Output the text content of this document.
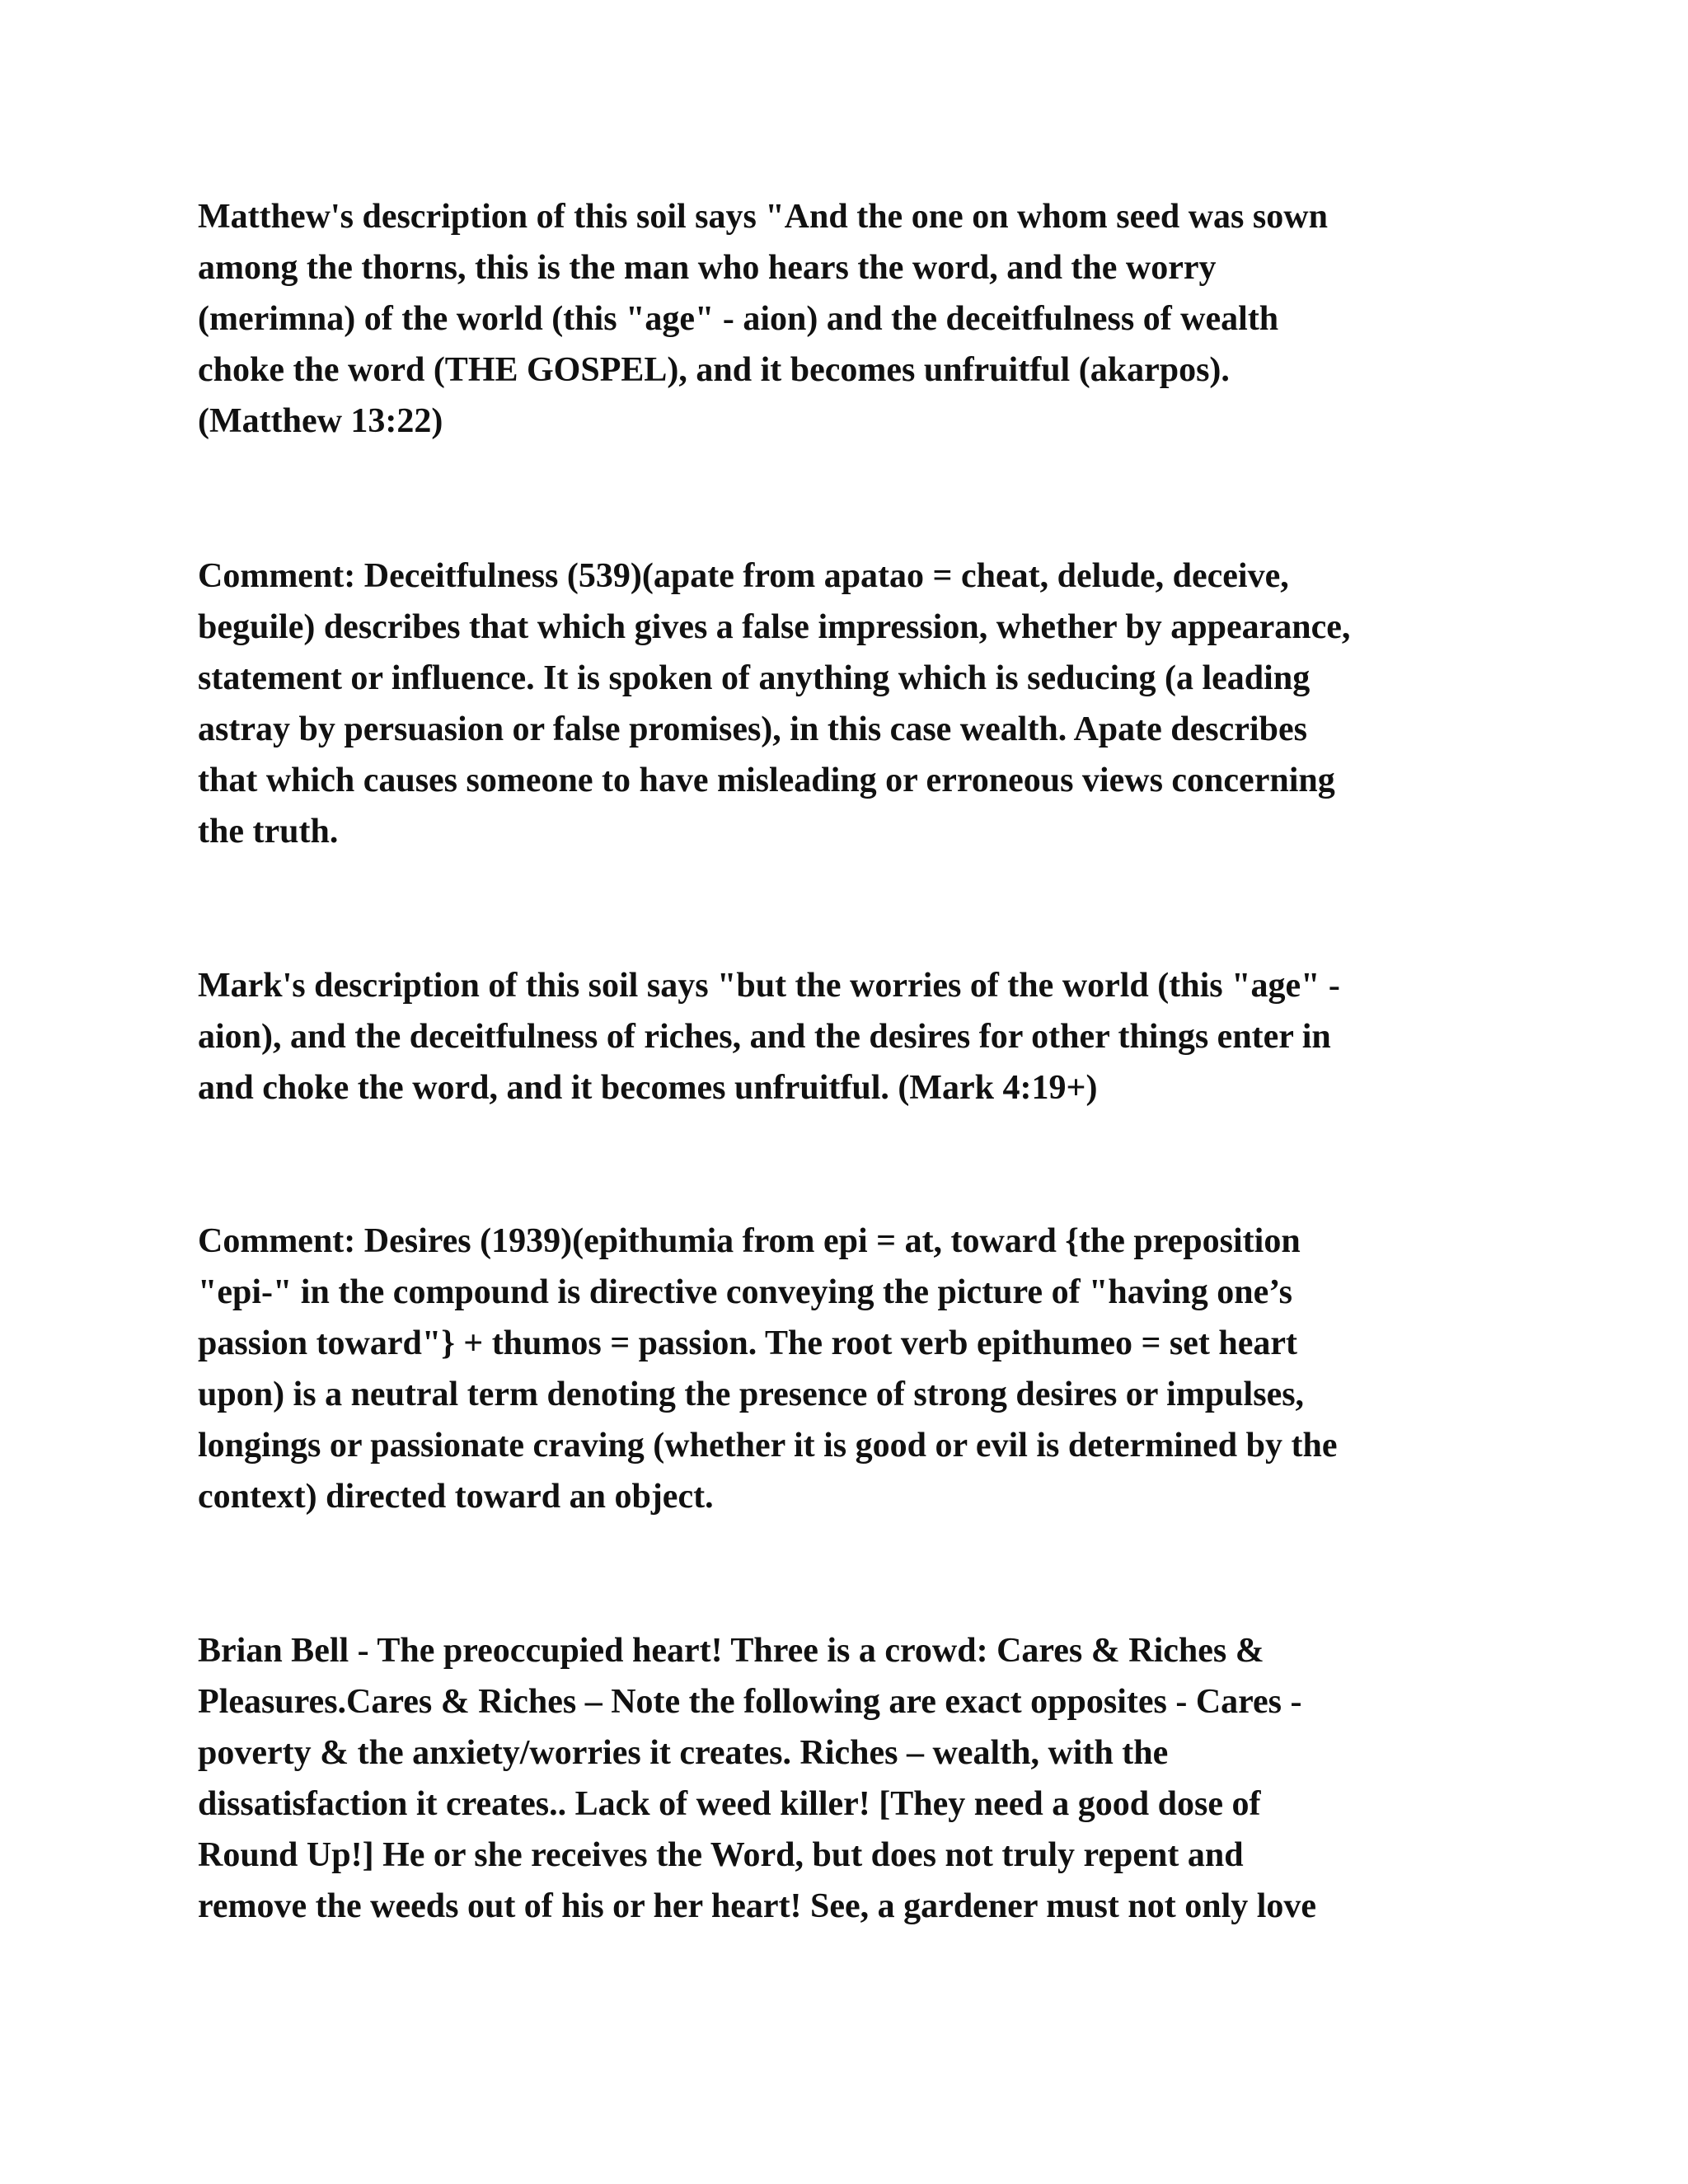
Matthew's description of this soil says "And the one on whom seed was sown
among the thorns, this is the man who hears the word, and the worry
(merimna) of the world (this "age" - aion) and the deceitfulness of wealth
choke the word (THE GOSPEL), and it becomes unfruitful (akarpos).
(Matthew 13:22)
Comment: Deceitfulness (539)(apate from apatao = cheat, delude, deceive,
beguile) describes that which gives a false impression, whether by appearance,
statement or influence. It is spoken of anything which is seducing (a leading
astray by persuasion or false promises), in this case wealth. Apate describes
that which causes someone to have misleading or erroneous views concerning
the truth.
Mark's description of this soil says "but the worries of the world (this "age" -
aion), and the deceitfulness of riches, and the desires for other things enter in
and choke the word, and it becomes unfruitful. (Mark 4:19+)
Comment: Desires (1939)(epithumia from epi = at, toward {the preposition
"epi-" in the compound is directive conveying the picture of "having one’s
passion toward"} + thumos = passion. The root verb epithumeo = set heart
upon) is a neutral term denoting the presence of strong desires or impulses,
longings or passionate craving (whether it is good or evil is determined by the
context) directed toward an object.
Brian Bell - The preoccupied heart! Three is a crowd: Cares & Riches &
Pleasures.Cares & Riches – Note the following are exact opposites - Cares -
poverty & the anxiety/worries it creates. Riches – wealth, with the
dissatisfaction it creates.. Lack of weed killer! [They need a good dose of
Round Up!] He or she receives the Word, but does not truly repent and
remove the weeds out of his or her heart! See, a gardener must not only love
